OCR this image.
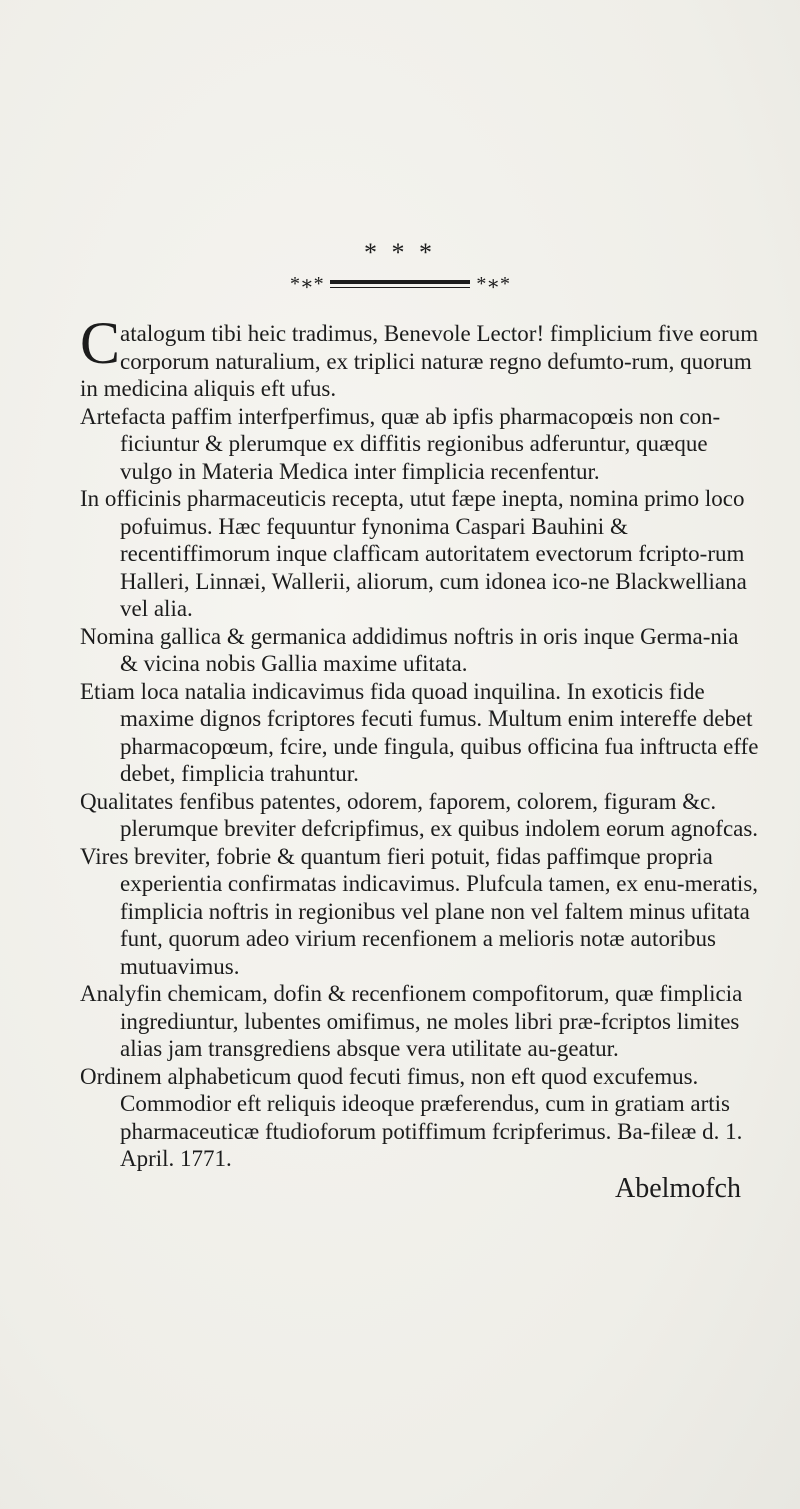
* * *
*∗*	*∗*

C atalogum tibi heic tradimus, Benevole Lector! fimplicium five eorum corporum naturalium, ex triplici naturæ regno defumto-rum, quorum in medicina aliquis eft ufus.

Artefacta paffim interfperfimus, quæ ab ipfis pharmacopœis non con-ficiuntur & plerumque ex diffitis regionibus adferuntur, quæque vulgo in Materia Medica inter fimplicia recenfentur.

In officinis pharmaceuticis recepta, utut fæpe inepta, nomina primo loco pofuimus. Hæc fequuntur fynonima Caspari Bauhini & recentiffimorum inque claffìcam autoritatem evectorum fcripto-rum Halleri, Linnæi, Wallerii, aliorum, cum idonea ico-ne Blackwelliana vel alia.

Nomina gallica & germanica addidimus noftris in oris inque Germa-nia & vicina nobis Gallia maxime ufitata.

Etiam loca natalia indicavimus fida quoad inquilina. In exoticis fide maxime dignos fcriptores fecuti fumus. Multum enim intereffe debet pharmacopœum, fcire, unde fingula, quibus officina fua inftructa effe debet, fimplicia trahuntur.

Qualitates fenfibus patentes, odorem, faporem, colorem, figuram &c. plerumque breviter defcripfimus, ex quibus indolem eorum agnofcas.

Vires breviter, fobrie & quantum fieri potuit, fidas paffimque propria experientia confirmatas indicavimus. Plufcula tamen, ex enu-meratis, fimplicia noftris in regionibus vel plane non vel faltem minus ufitata funt, quorum adeo virium recenfionem a melioris notæ autoribus mutuavimus.

Analyfin chemicam, dofin & recenfionem compofitorum, quæ fimplicia ingrediuntur, lubentes omifimus, ne moles libri præ-fcriptos limites alias jam transgrediens absque vera utilitate au-geatur.

Ordinem alphabeticum quod fecuti fimus, non eft quod excufemus. Commodior eft reliquis ideoque præferendus, cum in gratiam artis pharmaceuticæ ftudioforum potiffimum fcripferimus. Ba-fileæ d. 1. April. 1771.

Abelmofch
